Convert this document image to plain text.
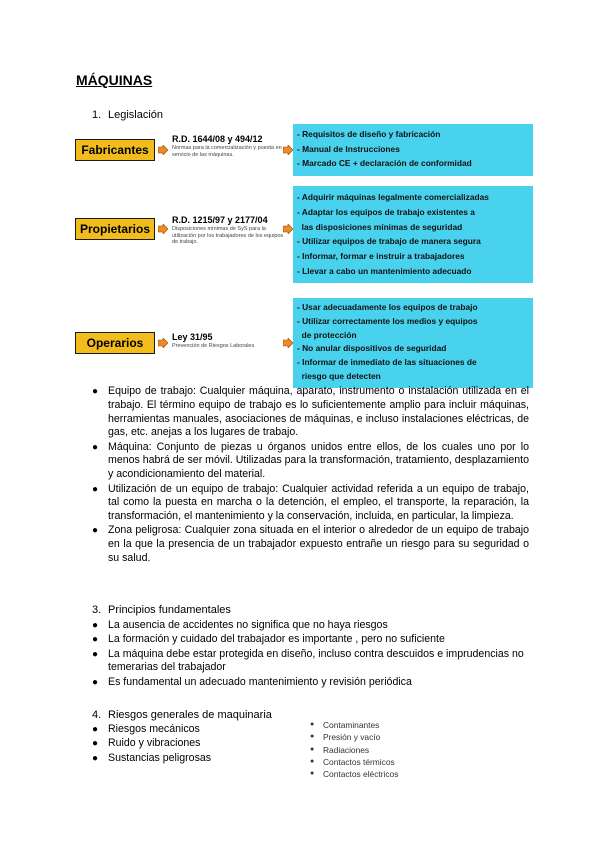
MÁQUINAS
1. Legislación
Fabricantes
R.D. 1644/08 y 494/12
Normas para la comercialización y puesta en servicio de las máquinas.
- Requisitos de diseño y fabricación
- Manual de Instrucciones
- Marcado CE + declaración de conformidad
Propietarios
R.D. 1215/97 y 2177/04
Disposiciones mínimas de SyS para la utilización por los trabajadores de los equipos de trabajo.
- Adquirir máquinas legalmente comercializadas
- Adaptar los equipos de trabajo existentes a
las disposiciones mínimas de seguridad
- Utilizar equipos de trabajo de manera segura
- Informar, formar e instruir a trabajadores
- Llevar a cabo un mantenimiento adecuado
Operarios	Ley 31/95
Prevención de Riesgos Laborales
- Usar adecuadamente los equipos de trabajo
- Utilizar correctamente los medios y equipos
de protección
- No anular dispositivos de seguridad
- Informar de inmediato de las situaciones de
riesgo que detecten
● Equipo de trabajo: Cualquier máquina, aparato, instrumento o instalación utilizada en el trabajo. El término equipo de trabajo es lo suficientemente amplio para incluir máquinas, herramientas manuales, asociaciones de máquinas, e incluso instalaciones eléctricas, de gas, etc. anejas a los lugares de trabajo.
● Máquina: Conjunto de piezas u órganos unidos entre ellos, de los cuales uno por lo menos habrá de ser móvil. Utilizadas para la transformación, tratamiento, desplazamiento y acondicionamiento del material.
● Utilización de un equipo de trabajo: Cualquier actividad referida a un equipo de trabajo, tal como la puesta en marcha o la detención, el empleo, el transporte, la reparación, la transformación, el mantenimiento y la conservación, incluida, en particular, la limpieza.
● Zona peligrosa: Cualquier zona situada en el interior o alrededor de un equipo de trabajo en la que la presencia de un trabajador expuesto entrañe un riesgo para su seguridad o su salud.
3. Principios fundamentales
● La ausencia de accidentes no significa que no haya riesgos
● La formación y cuidado del trabajador es importante , pero no suficiente
● La máquina debe estar protegida en diseño, incluso contra descuidos e imprudencias no temerarias del trabajador
● Es fundamental un adecuado mantenimiento y revisión periódica
4. Riesgos generales de maquinaria
● Riesgos mecánicos
● Ruido y vibraciones
● Sustancias peligrosas
● Contaminantes
● Presión y vacío
● Radiaciones
● Contactos térmicos
● Contactos eléctricos
